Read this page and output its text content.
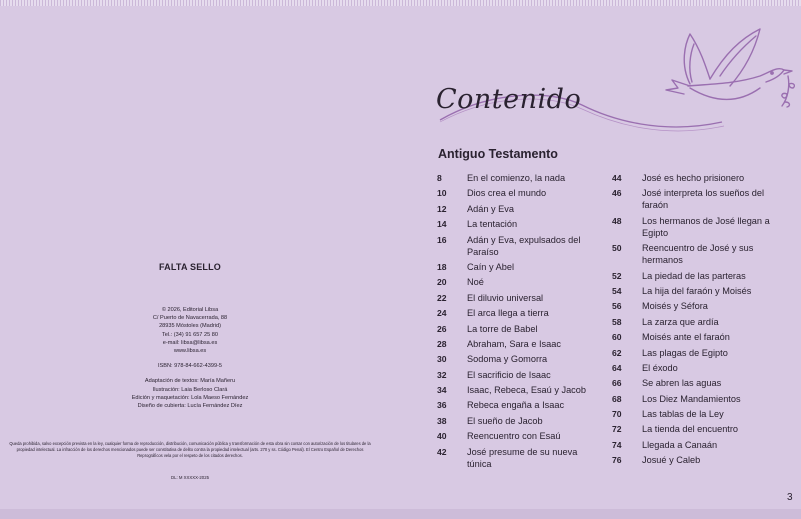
FALTA SELLO
© 2026, Editorial Libsa
C/ Puerto de Navacerrada, 88
28935 Móstoles (Madrid)
Tel.: (34) 91 657 25 80
e-mail: libsa@libsa.es
www.libsa.es
ISBN: 978-84-662-4399-5
Adaptación de textos: María Mañeru
Ilustración: Laia Berloso Clará
Edición y maquetación: Lola Maeso Fernández
Diseño de cubierta: Lucía Fernández Díez
Queda prohibida, salvo excepción prevista en la ley, cualquier forma de reproducción, distribución, comunicación pública y transformación de esta obra sin contar con autorización de los titulares de la propiedad intelectual. La infracción de los derechos mencionados puede ser constitutiva de delito contra la propiedad intelectual (arts. 270 y ss. Código Penal). El Centro Español de Derechos Reprográficos vela por el respeto de los citados derechos.
DL: M XXXXX-2025
Contenido
Antiguo Testamento
8	En el comienzo, la nada
10	Dios crea el mundo
12	Adán y Eva
14	La tentación
16	Adán y Eva, expulsados del Paraíso
18	Caín y Abel
20	Noé
22	El diluvio universal
24	El arca llega a tierra
26	La torre de Babel
28	Abraham, Sara e Isaac
30	Sodoma y Gomorra
32	El sacrificio de Isaac
34	Isaac, Rebeca, Esaú y Jacob
36	Rebeca engaña a Isaac
38	El sueño de Jacob
40	Reencuentro con Esaú
42	José presume de su nueva túnica
44	José es hecho prisionero
46	José interpreta los sueños del faraón
48	Los hermanos de José llegan a Egipto
50	Reencuentro de José y sus hermanos
52	La piedad de las parteras
54	La hija del faraón y Moisés
56	Moisés y Séfora
58	La zarza que ardía
60	Moisés ante el faraón
62	Las plagas de Egipto
64	El éxodo
66	Se abren las aguas
68	Los Diez Mandamientos
70	Las tablas de la Ley
72	La tienda del encuentro
74	Llegada a Canaán
76	Josué y Caleb
3
